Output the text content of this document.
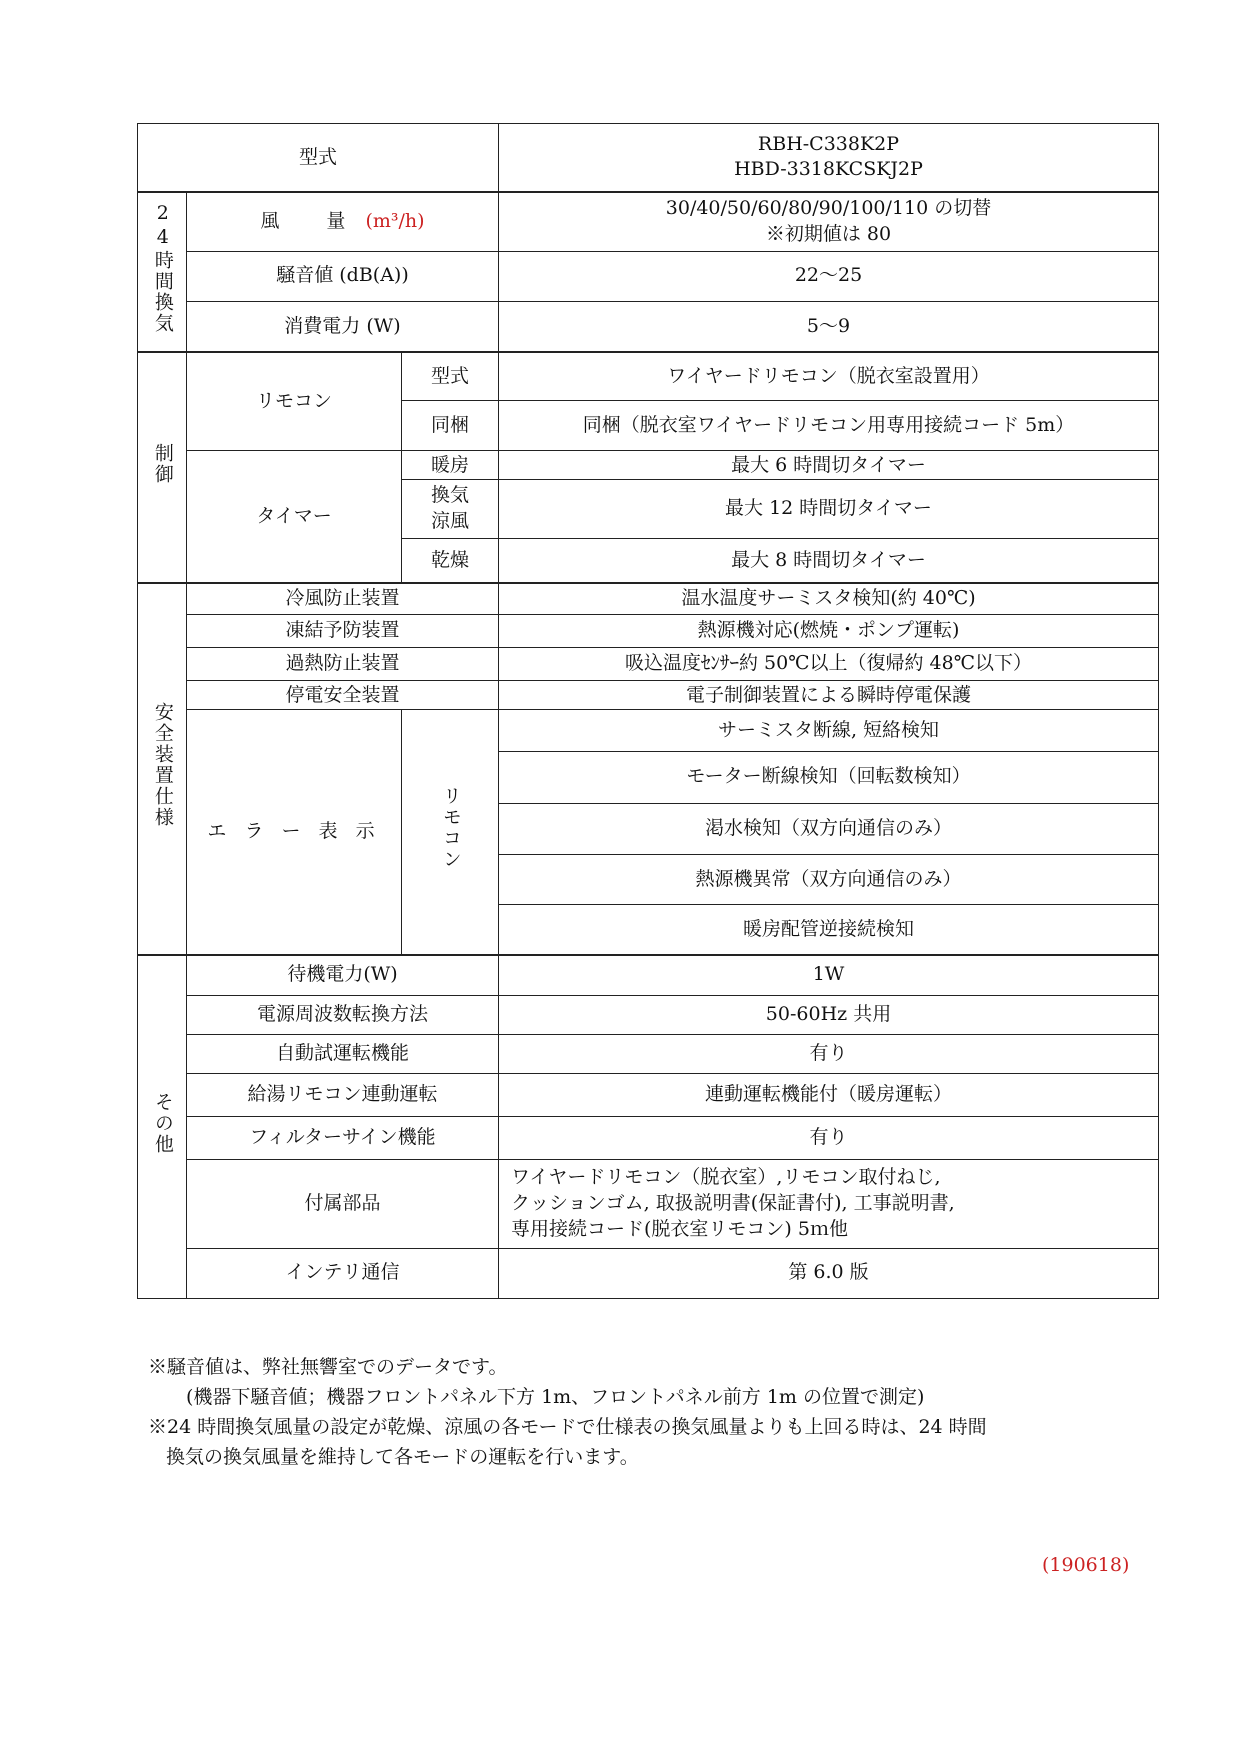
型式			RBH-C338K2P
HBD-3318KCSKJ2P

24時間換気	風　量 (m³/h)		30/40/50/60/80/90/100/110 の切替
※初期値は 80

	騒音値 (dB(A))		22～25
	消費電力 (W)		5～9
制御	リモコン	型式	ワイヤードリモコン（脱衣室設置用）
		同梱	同梱（脱衣室ワイヤードリモコン用専用接続コード 5m）
	タイマー	暖房	最大 6 時間切タイマー

		換気
涼風	最大 12 時間切タイマー
		乾燥	最大 8 時間切タイマー
安全装置仕様	冷風防止装置		温水温度サーミスタ検知(約 40℃)
	凍結予防装置		熱源機対応(燃焼・ポンプ運転)
	過熱防止装置		吸込温度ｾﾝｻｰ約 50℃以上（復帰約 48℃以下）
	停電安全装置		電子制御装置による瞬時停電保護
	エ ラ ー 表 示	リモコン	サーミスタ断線, 短絡検知
			モーター断線検知（回転数検知）
			渇水検知（双方向通信のみ）
			熱源機異常（双方向通信のみ）
			暖房配管逆接続検知
その他	待機電力(W)		1W
	電源周波数転換方法		50-60Hz 共用
	自動試運転機能		有り
	給湯リモコン連動運転		連動運転機能付（暖房運転）
	フィルターサイン機能		有り
	付属部品		ワイヤードリモコン（脱衣室）,リモコン取付ねじ,
クッションゴム, 取扱説明書(保証書付), 工事説明書,
専用接続コード(脱衣室リモコン) 5ｍ他

	インテリ通信		第 6.0 版
※騒音値は、弊社無響室でのデータです。
(機器下騒音値；機器フロントパネル下方 1m、フロントパネル前方 1m の位置で測定)
※24 時間換気風量の設定が乾燥、涼風の各モードで仕様表の換気風量よりも上回る時は、24 時間
換気の換気風量を維持して各モードの運転を行います。
(190618)
